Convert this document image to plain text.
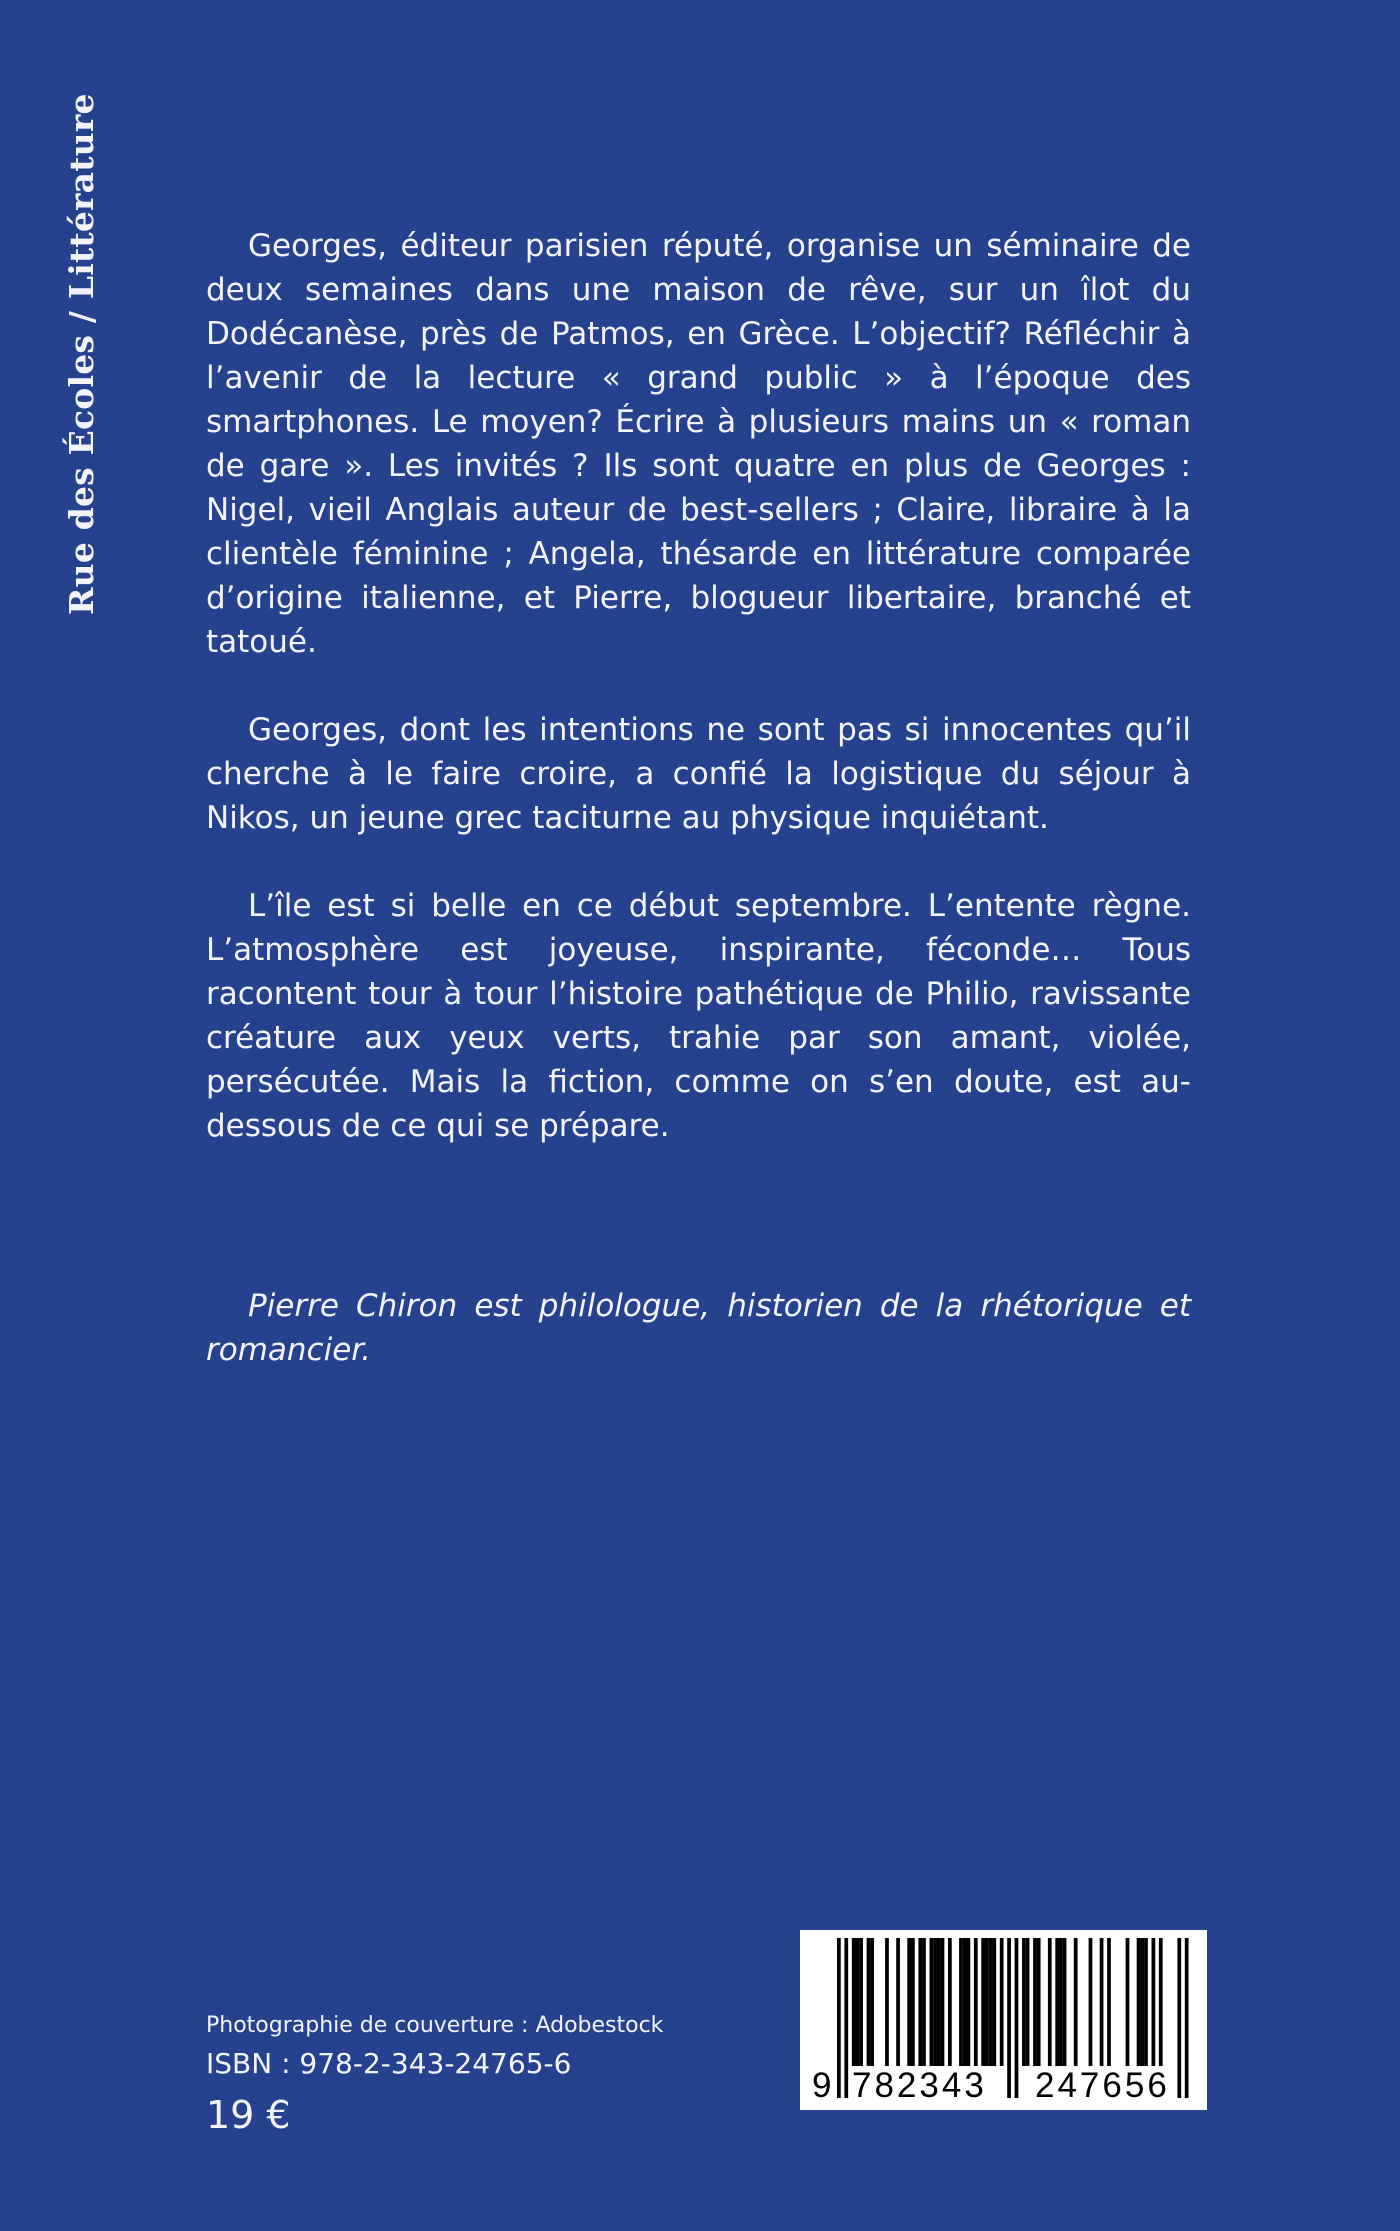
Rue des Écoles / Littérature	Georges, éditeur parisien réputé, organise un séminaire de deux semaines dans une maison de rêve, sur un îlot du Dodécanèse, près de Patmos, en Grèce. L’objectif? Réfléchir à l’avenir de la lecture « grand public » à l’époque des smartphones. Le moyen? Écrire à plusieurs mains un « roman de gare ». Les invités ? Ils sont quatre en plus de Georges : Nigel, vieil Anglais auteur de best-sellers ; Claire, libraire à la clientèle féminine ; Angela, thésarde en littérature comparée d’origine italienne, et Pierre, blogueur libertaire, branché et tatoué.

Georges, dont les intentions ne sont pas si innocentes qu’il cherche à le faire croire, a confié la logistique du séjour à Nikos, un jeune grec taciturne au physique inquiétant.

L’île est si belle en ce début septembre. L’entente règne. L’atmosphère est joyeuse, inspirante, féconde… Tous racontent tour à tour l’histoire pathétique de Philio, ravissante créature aux yeux verts, trahie par son amant, violée, persécutée. Mais la fiction, comme on s’en doute, est au-dessous de ce qui se prépare.

Pierre Chiron est philologue, historien de la rhétorique et romancier.

Photographie de couverture : Adobestock
ISBN : 978-2-343-24765-6
19 €
9 782343 247656
